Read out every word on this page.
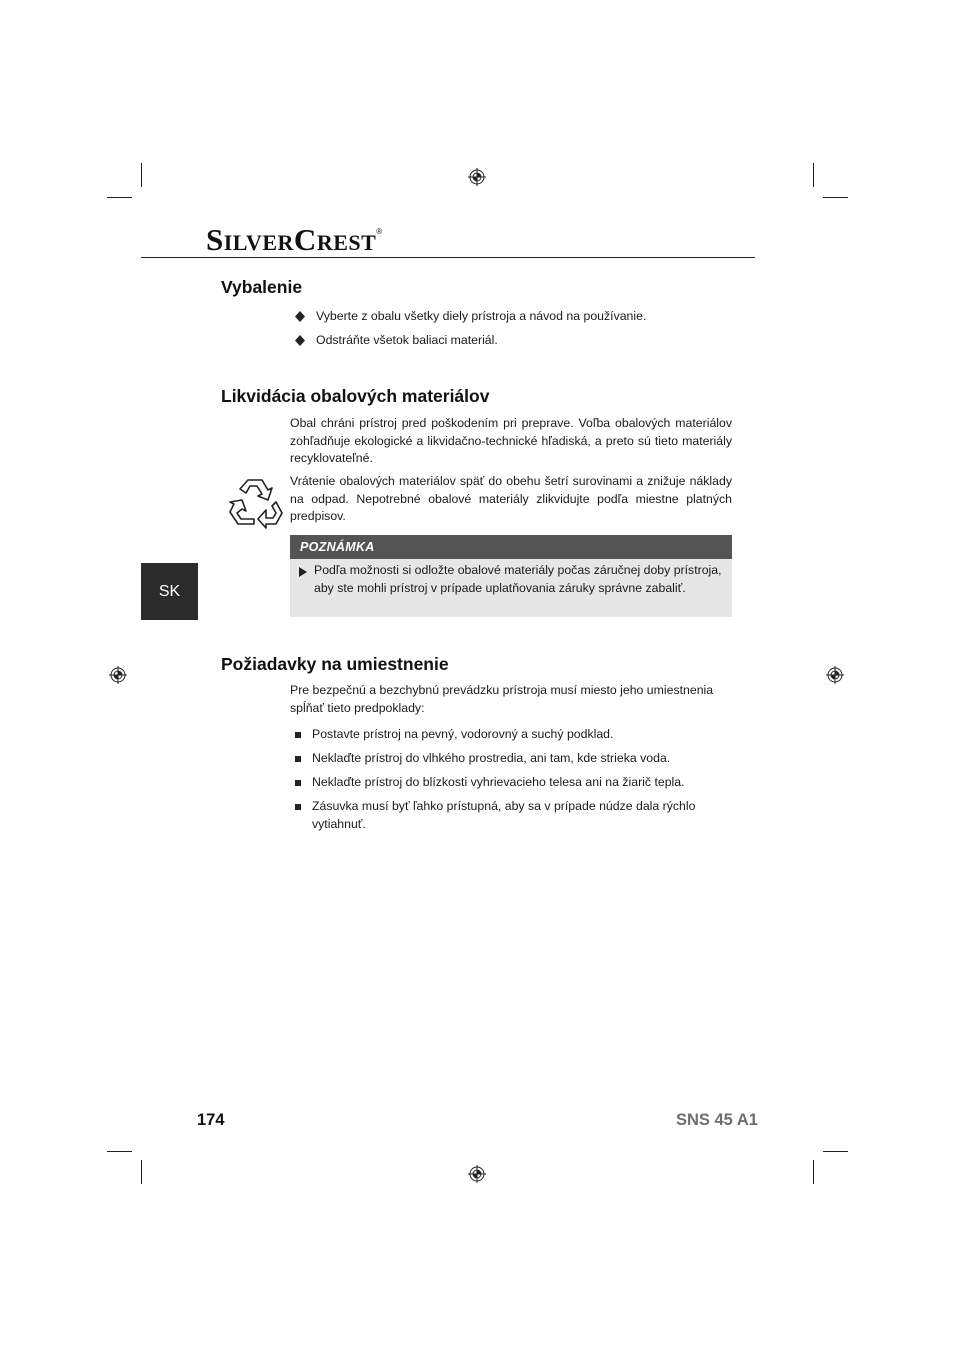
SILVERCREST®
Vybalenie
Vyberte z obalu všetky diely prístroja a návod na používanie.
Odstráňte všetok baliaci materiál.
Likvidácia obalových materiálov

Obal chráni prístroj pred poškodením pri preprave. Voľba obalových materiálov zohľadňuje ekologické a likvidačno-technické hľadiská, a preto sú tieto materiály recyklovateľné.

Vrátenie obalových materiálov späť do obehu šetrí surovinami a znižuje náklady na odpad. Nepotrebné obalové materiály zlikvidujte podľa miestne platných predpisov.

POZNÁMKA

Podľa možnosti si odložte obalové materiály počas záručnej doby prístroja, aby ste mohli prístroj v prípade uplatňovania záruky správne zabaliť.

SK
Požiadavky na umiestnenie

Pre bezpečnú a bezchybnú prevádzku prístroja musí miesto jeho umiestnenia spĺňať tieto predpoklady:

Postavte prístroj na pevný, vodorovný a suchý podklad.
Neklaďte prístroj do vlhkého prostredia, ani tam, kde strieka voda.
Neklaďte prístroj do blízkosti vyhrievacieho telesa ani na žiarič tepla.
Zásuvka musí byť ľahko prístupná, aby sa v prípade núdze dala rýchlo vytiahnuť.
174	SNS 45 A1
